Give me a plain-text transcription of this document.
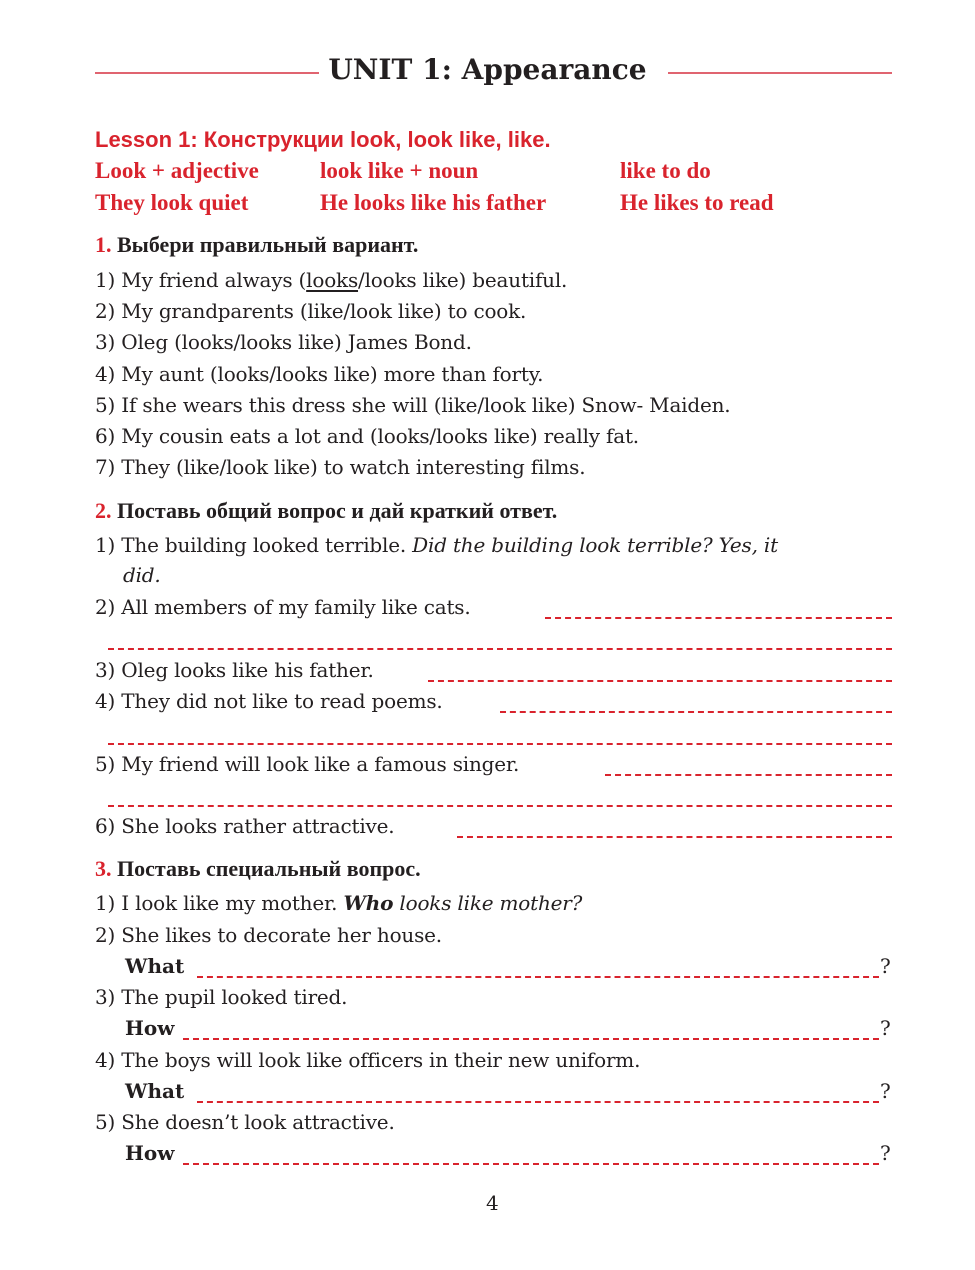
UNIT 1: Appearance
Lesson 1: Конструкции look, look like, like.
Look + adjective	look like + noun	like to do
They look quiet	He looks like his father	He likes to read
1. Выбери правильный вариант.
1) My friend always (looks/looks like) beautiful.
2) My grandparents (like/look like) to cook.
3) Oleg (looks/looks like) James Bond.
4) My aunt (looks/looks like) more than forty.
5) If she wears this dress she will (like/look like) Snow- Maiden.
6) My cousin eats a lot and (looks/looks like) really fat.
7) They (like/look like) to watch interesting films.
2. Поставь общий вопрос и дай краткий ответ.
1) The building looked terrible. Did the building look terrible? Yes, it
did.
2) All members of my family like cats.
3) Oleg looks like his father.
4) They did not like to read poems.
5) My friend will look like a famous singer.
6) She looks rather attractive.
3. Поставь специальный вопрос.
1) I look like my mother. Who looks like mother?
2) She likes to decorate her house.
What	?
3) The pupil looked tired.
How	?
4) The boys will look like officers in their new uniform.
What	?
5) She doesn’t look attractive.
How	?
4
